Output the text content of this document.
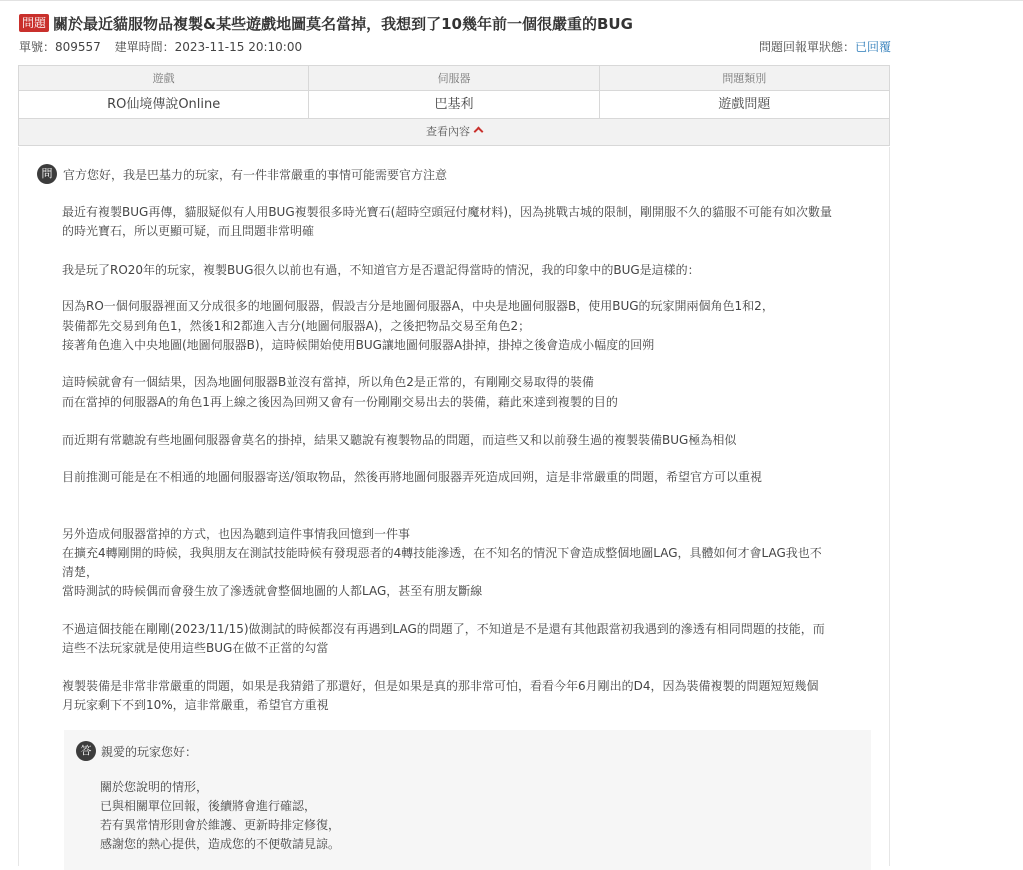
問題 關於最近貓服物品複製&某些遊戲地圖莫名當掉，我想到了10幾年前一個很嚴重的BUG
單號：809557 建單時間：2023-11-15 20:10:00	問題回報單狀態：已回覆
遊戲	伺服器	問題類別
RO仙境傳說Online	巴基利	遊戲問題
查看內容
問 官方您好，我是巴基力的玩家，有一件非常嚴重的事情可能需要官方注意
最近有複製BUG再傳，貓服疑似有人用BUG複製很多時光寶石(超時空頭冠付魔材料)，因為挑戰古城的限制，剛開服不久的貓服不可能有如次數量
的時光寶石，所以更顯可疑，而且問題非常明確
我是玩了RO20年的玩家，複製BUG很久以前也有過，不知道官方是否還記得當時的情況，我的印象中的BUG是這樣的：
因為RO一個伺服器裡面又分成很多的地圖伺服器，假設吉分是地圖伺服器A，中央是地圖伺服器B，使用BUG的玩家開兩個角色1和2，
裝備都先交易到角色1，然後1和2都進入吉分(地圖伺服器A)，之後把物品交易至角色2；
接著角色進入中央地圖(地圖伺服器B)，這時候開始使用BUG讓地圖伺服器A掛掉，掛掉之後會造成小幅度的回朔
這時候就會有一個結果，因為地圖伺服器B並沒有當掉，所以角色2是正常的，有剛剛交易取得的裝備
而在當掉的伺服器A的角色1再上線之後因為回朔又會有一份剛剛交易出去的裝備，藉此來達到複製的目的
而近期有常聽說有些地圖伺服器會莫名的掛掉，結果又聽說有複製物品的問題，而這些又和以前發生過的複製裝備BUG極為相似
目前推測可能是在不相通的地圖伺服器寄送/領取物品，然後再將地圖伺服器弄死造成回朔，這是非常嚴重的問題，希望官方可以重視
另外造成伺服器當掉的方式，也因為聽到這件事情我回憶到一件事
在擴充4轉剛開的時候，我與朋友在測試技能時候有發現惡者的4轉技能滲透，在不知名的情況下會造成整個地圖LAG，具體如何才會LAG我也不
清楚，
當時測試的時候偶而會發生放了滲透就會整個地圖的人都LAG，甚至有朋友斷線
不過這個技能在剛剛(2023/11/15)做測試的時候都沒有再遇到LAG的問題了，不知道是不是還有其他跟當初我遇到的滲透有相同問題的技能，而
這些不法玩家就是使用這些BUG在做不正當的勾當
複製裝備是非常非常嚴重的問題，如果是我猜錯了那還好，但是如果是真的那非常可怕，看看今年6月剛出的D4，因為裝備複製的問題短短幾個
月玩家剩下不到10%，這非常嚴重，希望官方重視
答 親愛的玩家您好：
關於您說明的情形，
已與相關單位回報，後續將會進行確認，
若有異常情形則會於維護、更新時排定修復，
感謝您的熱心提供，造成您的不便敬請見諒。
